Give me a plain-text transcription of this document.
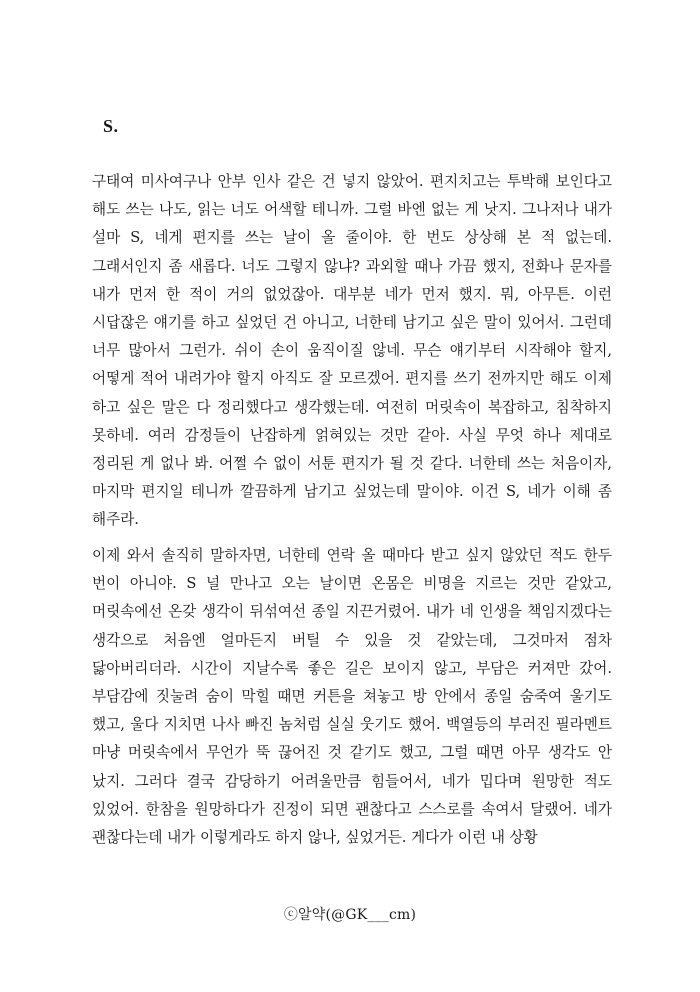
S.

구태여 미사여구나 안부 인사 같은 건 넣지 않았어. 편지치고는 투박해 보인다고 해도 쓰는 나도, 읽는 너도 어색할 테니까. 그럴 바엔 없는 게 낫지. 그나저나 내가 설마 S, 네게 편지를 쓰는 날이 올 줄이야. 한 번도 상상해 본 적 없는데. 그래서인지 좀 새롭다. 너도 그렇지 않냐? 과외할 때나 가끔 했지, 전화나 문자를 내가 먼저 한 적이 거의 없었잖아. 대부분 네가 먼저 했지. 뭐, 아무튼. 이런 시답잖은 얘기를 하고 싶었던 건 아니고, 너한테 남기고 싶은 말이 있어서. 그런데 너무 많아서 그런가. 쉬이 손이 움직이질 않네. 무슨 얘기부터 시작해야 할지, 어떻게 적어 내려가야 할지 아직도 잘 모르겠어. 편지를 쓰기 전까지만 해도 이제 하고 싶은 말은 다 정리했다고 생각했는데. 여전히 머릿속이 복잡하고, 침착하지 못하네. 여러 감정들이 난잡하게 얽혀있는 것만 같아. 사실 무엇 하나 제대로 정리된 게 없나 봐. 어쩔 수 없이 서툰 편지가 될 것 같다. 너한테 쓰는 처음이자, 마지막 편지일 테니까 깔끔하게 남기고 싶었는데 말이야. 이건 S, 네가 이해 좀 해주라.

이제 와서 솔직히 말하자면, 너한테 연락 올 때마다 받고 싶지 않았던 적도 한두 번이 아니야. S 널 만나고 오는 날이면 온몸은 비명을 지르는 것만 같았고, 머릿속에선 온갖 생각이 뒤섞여선 종일 지끈거렸어. 내가 네 인생을 책임지겠다는 생각으로 처음엔 얼마든지 버틸 수 있을 것 같았는데, 그것마저 점차 닳아버리더라. 시간이 지날수록 좋은 길은 보이지 않고, 부담은 커져만 갔어. 부담감에 짓눌려 숨이 막힐 때면 커튼을 쳐놓고 방 안에서 종일 숨죽여 울기도 했고, 울다 지치면 나사 빠진 놈처럼 실실 웃기도 했어. 백열등의 부러진 필라멘트 마냥 머릿속에서 무언가 뚝 끊어진 것 같기도 했고, 그럴 때면 아무 생각도 안 났지. 그러다 결국 감당하기 어려울만큼 힘들어서, 네가 밉다며 원망한 적도 있었어. 한참을 원망하다가 진정이 되면 괜찮다고 스스로를 속여서 달랬어. 네가 괜찮다는데 내가 이렇게라도 하지 않나, 싶었거든. 게다가 이런 내 상황

ⓒ알약(@GK___cm)
